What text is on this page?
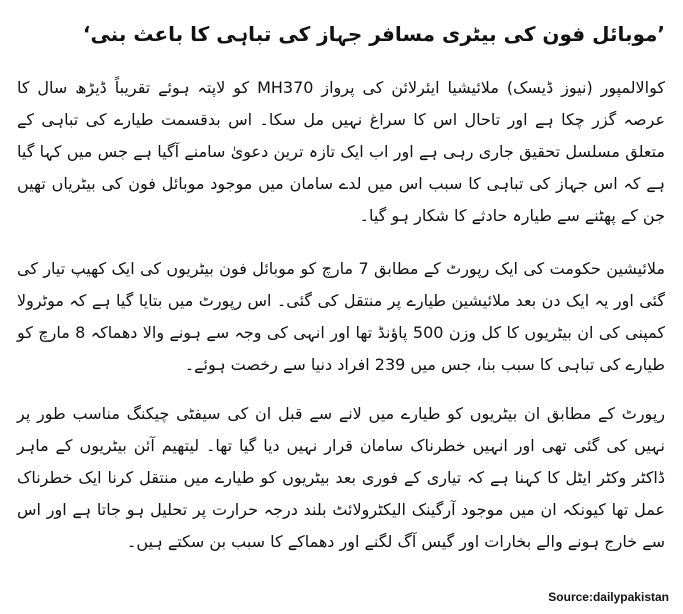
’موبائل فون کی بیٹری مسافر جہاز کی تباہی کا باعث بنی‘

کوالالمپور (نیوز ڈیسک) ملائیشیا ایئرلائن کی پرواز MH370 کو لاپتہ ہوئے تقریباً ڈیڑھ سال کا عرصہ گزر چکا ہے اور تاحال اس کا سراغ نہیں مل سکا۔ اس بدقسمت طیارے کی تباہی کے متعلق مسلسل تحقیق جاری رہی ہے اور اب ایک تازہ ترین دعویٰ سامنے آگیا ہے جس میں کہا گیا ہے کہ اس جہاز کی تباہی کا سبب اس میں لدے سامان میں موجود موبائل فون کی بیٹریاں تھیں جن کے پھٹنے سے طیارہ حادثے کا شکار ہو گیا۔

ملائیشین حکومت کی ایک رپورٹ کے مطابق 7 مارچ کو موبائل فون بیٹریوں کی ایک کھیپ تیار کی گئی اور یہ ایک دن بعد ملائیشین طیارے پر منتقل کی گئی۔ اس رپورٹ میں بتایا گیا ہے کہ موٹرولا کمپنی کی ان بیٹریوں کا کل وزن 500 پاؤنڈ تھا اور انہی کی وجہ سے ہونے والا دھماکہ 8 مارچ کو طیارے کی تباہی کا سبب بنا، جس میں 239 افراد دنیا سے رخصت ہوئے۔

رپورٹ کے مطابق ان بیٹریوں کو طیارے میں لانے سے قبل ان کی سیفٹی چیکنگ مناسب طور پر نہیں کی گئی تھی اور انہیں خطرناک سامان قرار نہیں دیا گیا تھا۔ لیتھیم آئن بیٹریوں کے ماہر ڈاکٹر وکٹر ایٹل کا کہنا ہے کہ تیاری کے فوری بعد بیٹریوں کو طیارے میں منتقل کرنا ایک خطرناک عمل تھا کیونکہ ان میں موجود آرگینک الیکٹرولائٹ بلند درجہ حرارت پر تحلیل ہو جاتا ہے اور اس سے خارج ہونے والے بخارات اور گیس آگ لگنے اور دھماکے کا سبب بن سکتے ہیں۔

Source:dailypakistan
